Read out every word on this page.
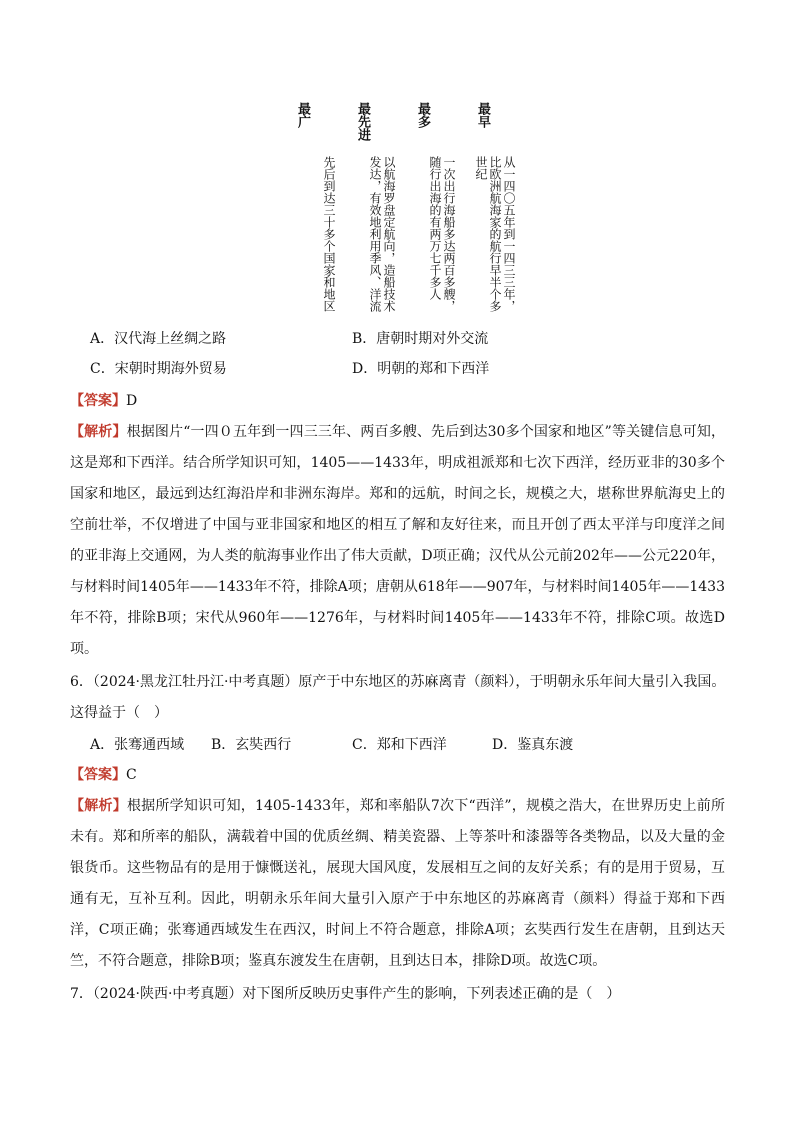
最广
先后到达三十多个国家和地区
最先进
以航海罗盘定航向，造船技术发达，有效地利用季风、洋流
最多
一次出行海船多达两百多艘，随行出海的有两万七千多人
最早
从一四〇五年到一四三三年，比欧洲航海家的航行早半个多世纪
A．汉代海上丝绸之路	B．唐朝时期对外交流
C．宋朝时期海外贸易	D．明朝的郑和下西洋
【答案】D
【解析】根据图片“一四０五年到一四三三年、两百多艘、先后到达30多个国家和地区”等关键信息可知，这是郑和下西洋。结合所学知识可知，1405——1433年，明成祖派郑和七次下西洋，经历亚非的30多个国家和地区，最远到达红海沿岸和非洲东海岸。郑和的远航，时间之长，规模之大，堪称世界航海史上的空前壮举，不仅增进了中国与亚非国家和地区的相互了解和友好往来，而且开创了西太平洋与印度洋之间的亚非海上交通网，为人类的航海事业作出了伟大贡献，D项正确；汉代从公元前202年——公元220年，与材料时间1405年——1433年不符，排除A项；唐朝从618年——907年，与材料时间1405年——1433年不符，排除B项；宋代从960年——1276年，与材料时间1405年——1433年不符，排除C项。故选D项。
6．（2024·黑龙江牡丹江·中考真题）原产于中东地区的苏麻离青（颜料），于明朝永乐年间大量引入我国。这得益于（　）
A．张骞通西域 B．玄奘西行	C．郑和下西洋	D．鉴真东渡
【答案】C
【解析】根据所学知识可知，1405-1433年，郑和率船队7次下“西洋”，规模之浩大，在世界历史上前所未有。郑和所率的船队，满载着中国的优质丝绸、精美瓷器、上等茶叶和漆器等各类物品，以及大量的金银货币。这些物品有的是用于慷慨送礼，展现大国风度，发展相互之间的友好关系；有的是用于贸易，互通有无，互补互利。因此，明朝永乐年间大量引入原产于中东地区的苏麻离青（颜料）得益于郑和下西洋，C项正确；张骞通西域发生在西汉，时间上不符合题意，排除A项；玄奘西行发生在唐朝，且到达天竺，不符合题意，排除B项；鉴真东渡发生在唐朝，且到达日本，排除D项。故选C项。
7．（2024·陕西·中考真题）对下图所反映历史事件产生的影响，下列表述正确的是（　）
